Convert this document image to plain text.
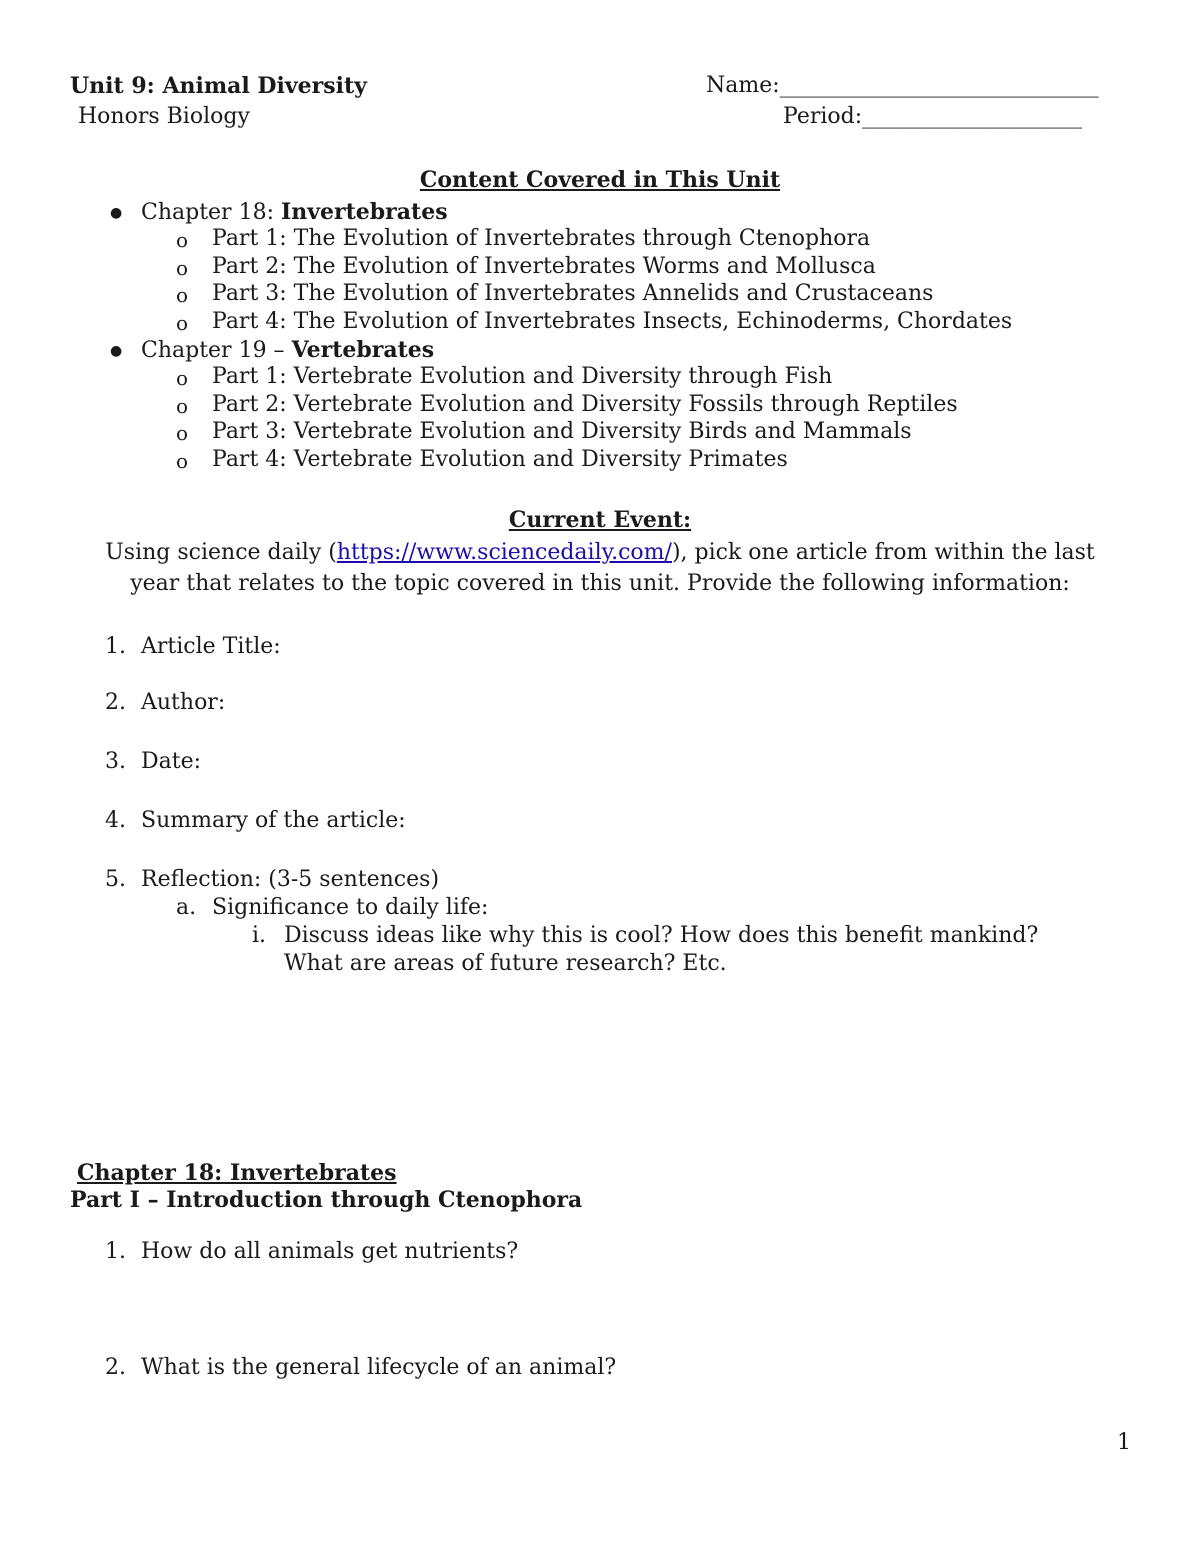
Unit 9: Animal Diversity
Honors Biology
Name:_____________________________
Period:____________________
Content Covered in This Unit
● Chapter 18: Invertebrates
o Part 1: The Evolution of Invertebrates through Ctenophora
o Part 2: The Evolution of Invertebrates Worms and Mollusca
o Part 3: The Evolution of Invertebrates Annelids and Crustaceans
o Part 4: The Evolution of Invertebrates Insects, Echinoderms, Chordates
● Chapter 19 – Vertebrates
o Part 1: Vertebrate Evolution and Diversity through Fish
o Part 2: Vertebrate Evolution and Diversity Fossils through Reptiles
o Part 3: Vertebrate Evolution and Diversity Birds and Mammals
o Part 4: Vertebrate Evolution and Diversity Primates
Current Event:
Using science daily (https://www.sciencedaily.com/), pick one article from within the last
year that relates to the topic covered in this unit. Provide the following information:
1. Article Title:
2. Author:
3. Date:
4. Summary of the article:
5. Reflection: (3-5 sentences)
a. Significance to daily life:
i. Discuss ideas like why this is cool? How does this benefit mankind?
What are areas of future research? Etc.
Chapter 18: Invertebrates
Part I – Introduction through Ctenophora
1. How do all animals get nutrients?
2. What is the general lifecycle of an animal?
1
